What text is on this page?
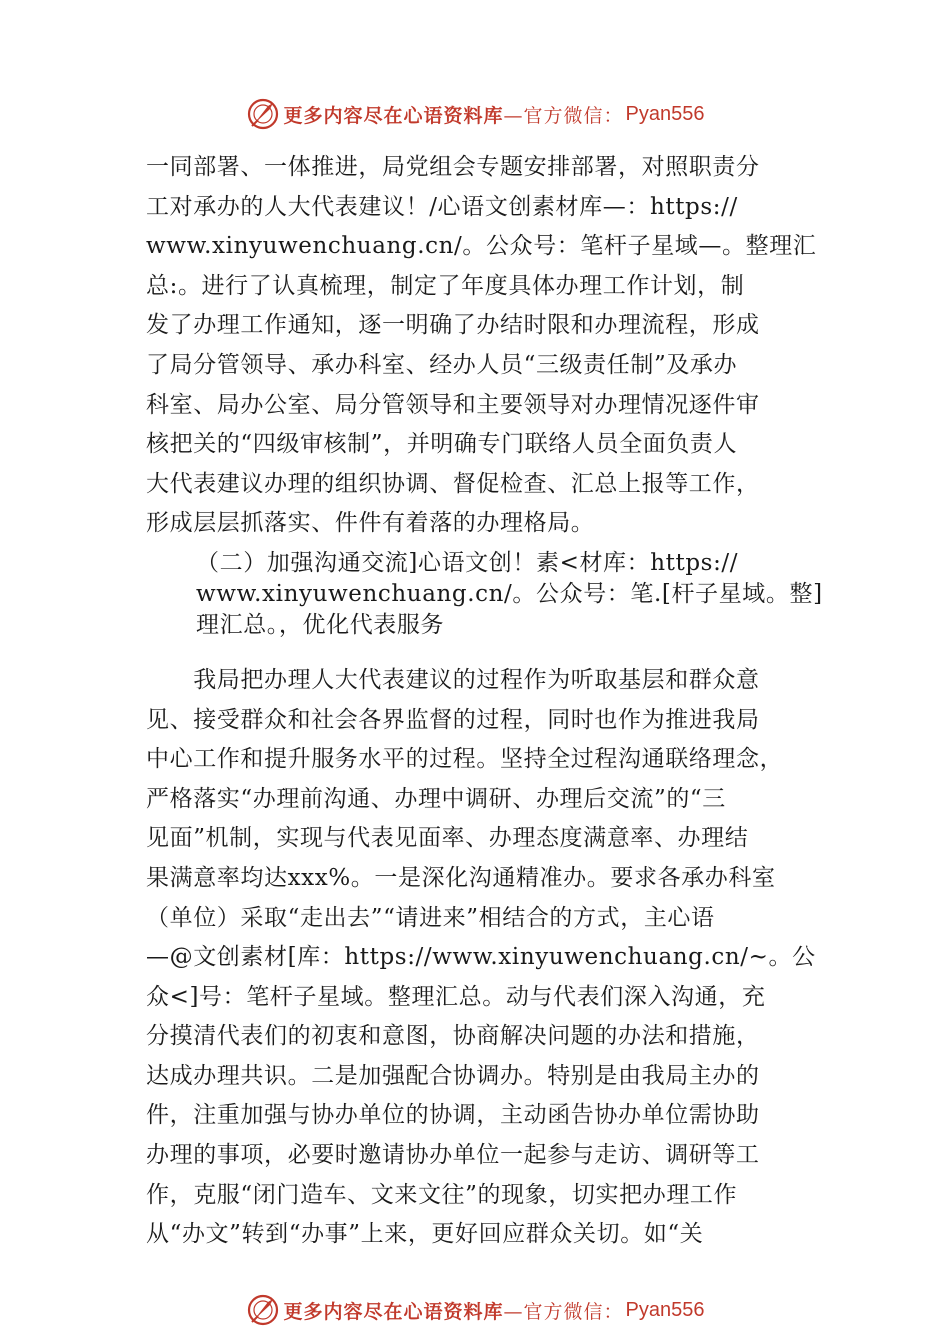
更多内容尽在心语资料库 —官方微信： Pyan556
一同部署、一体推进，局党组会专题安排部署，对照职责分
工对承办的人大代表建议！/心语文创素材库—：https://
www.xinyuwenchuang.cn/。公众号：笔杆子星域—。整理汇
总:。进行了认真梳理，制定了年度具体办理工作计划，制
发了办理工作通知，逐一明确了办结时限和办理流程，形成
了局分管领导、承办科室、经办人员“三级责任制”及承办
科室、局办公室、局分管领导和主要领导对办理情况逐件审
核把关的“四级审核制”，并明确专门联络人员全面负责人
大代表建议办理的组织协调、督促检查、汇总上报等工作，
形成层层抓落实、件件有着落的办理格局。
（二）加强沟通交流]心语文创！素<材库：https://
www.xinyuwenchuang.cn/。公众号：笔.[杆子星域。整]
理汇总。，优化代表服务
　　我局把办理人大代表建议的过程作为听取基层和群众意
见、接受群众和社会各界监督的过程，同时也作为推进我局
中心工作和提升服务水平的过程。坚持全过程沟通联络理念，
严格落实“办理前沟通、办理中调研、办理后交流”的“三
见面”机制，实现与代表见面率、办理态度满意率、办理结
果满意率均达xxx%。一是深化沟通精准办。要求各承办科室
（单位）采取“走出去”“请进来”相结合的方式，主心语
—@文创素材[库：https://www.xinyuwenchuang.cn/~。公
众<]号：笔杆子星域。整理汇总。动与代表们深入沟通，充
分摸清代表们的初衷和意图，协商解决问题的办法和措施，
达成办理共识。二是加强配合协调办。特别是由我局主办的
件，注重加强与协办单位的协调，主动函告协办单位需协助
办理的事项，必要时邀请协办单位一起参与走访、调研等工
作，克服“闭门造车、文来文往”的现象，切实把办理工作
从“办文”转到“办事”上来，更好回应群众关切。如“关
更多内容尽在心语资料库 —官方微信： Pyan556
